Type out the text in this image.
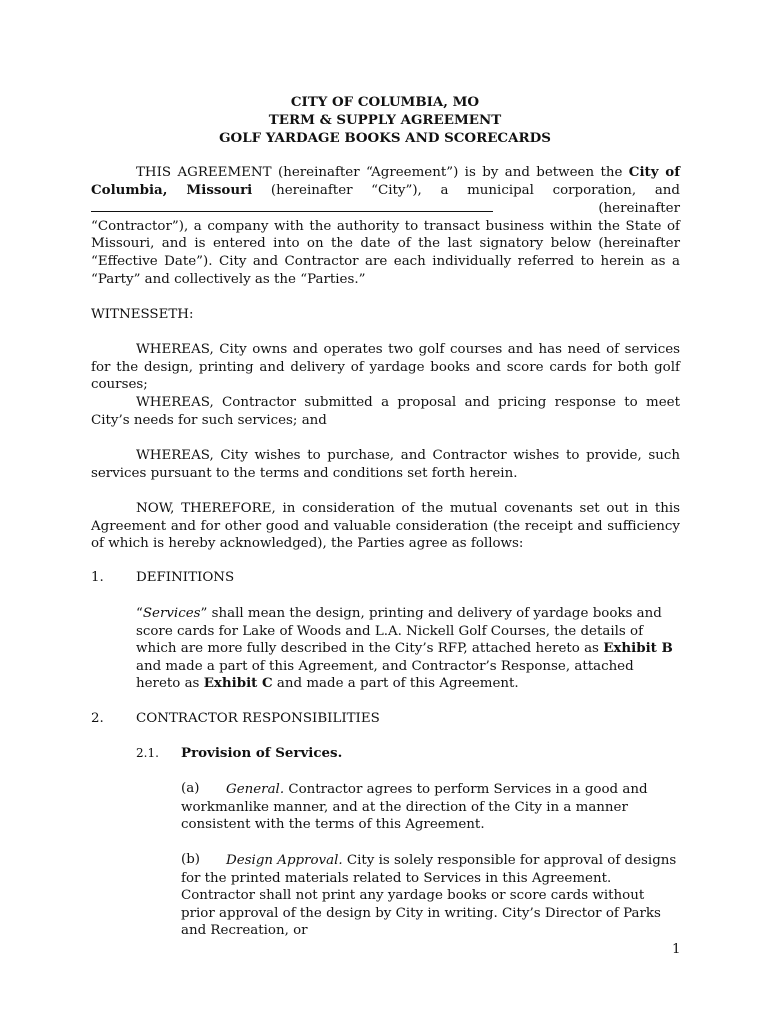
CITY OF COLUMBIA, MO
TERM & SUPPLY AGREEMENT
GOLF YARDAGE BOOKS AND SCORECARDS

THIS AGREEMENT (hereinafter “Agreement”) is by and between the City of Columbia, Missouri (hereinafter “City”), a municipal corporation, and  (hereinafter “Contractor”), a company with the authority to transact business within the State of Missouri, and is entered into on the date of the last signatory below (hereinafter “Effective Date”). City and Contractor are each individually referred to herein as a “Party” and collectively as the “Parties.”

WITNESSETH:

WHEREAS, City owns and operates two golf courses and has need of services for the design, printing and delivery of yardage books and score cards for both golf courses;

WHEREAS, Contractor submitted a proposal and pricing response to meet City’s needs for such services; and

WHEREAS, City wishes to purchase, and Contractor wishes to provide, such services pursuant to the terms and conditions set forth herein.

NOW, THEREFORE, in consideration of the mutual covenants set out in this Agreement and for other good and valuable consideration (the receipt and sufficiency of which is hereby acknowledged), the Parties agree as follows:

1. DEFINITIONS

“Services” shall mean the design, printing and delivery of yardage books and score cards for Lake of Woods and L.A. Nickell Golf Courses, the details of which are more fully described in the City’s RFP, attached hereto as Exhibit B and made a part of this Agreement, and Contractor’s Response, attached hereto as Exhibit C and made a part of this Agreement.

2. CONTRACTOR RESPONSIBILITIES
2.1. Provision of Services.
(a)	General. Contractor agrees to perform Services in a good and workmanlike manner, and at the direction of the City in a manner consistent with the terms of this Agreement.

(b)	Design Approval. City is solely responsible for approval of designs for the printed materials related to Services in this Agreement. Contractor shall not print any yardage books or score cards without prior approval of the design by City in writing. City’s Director of Parks and Recreation, or

1
